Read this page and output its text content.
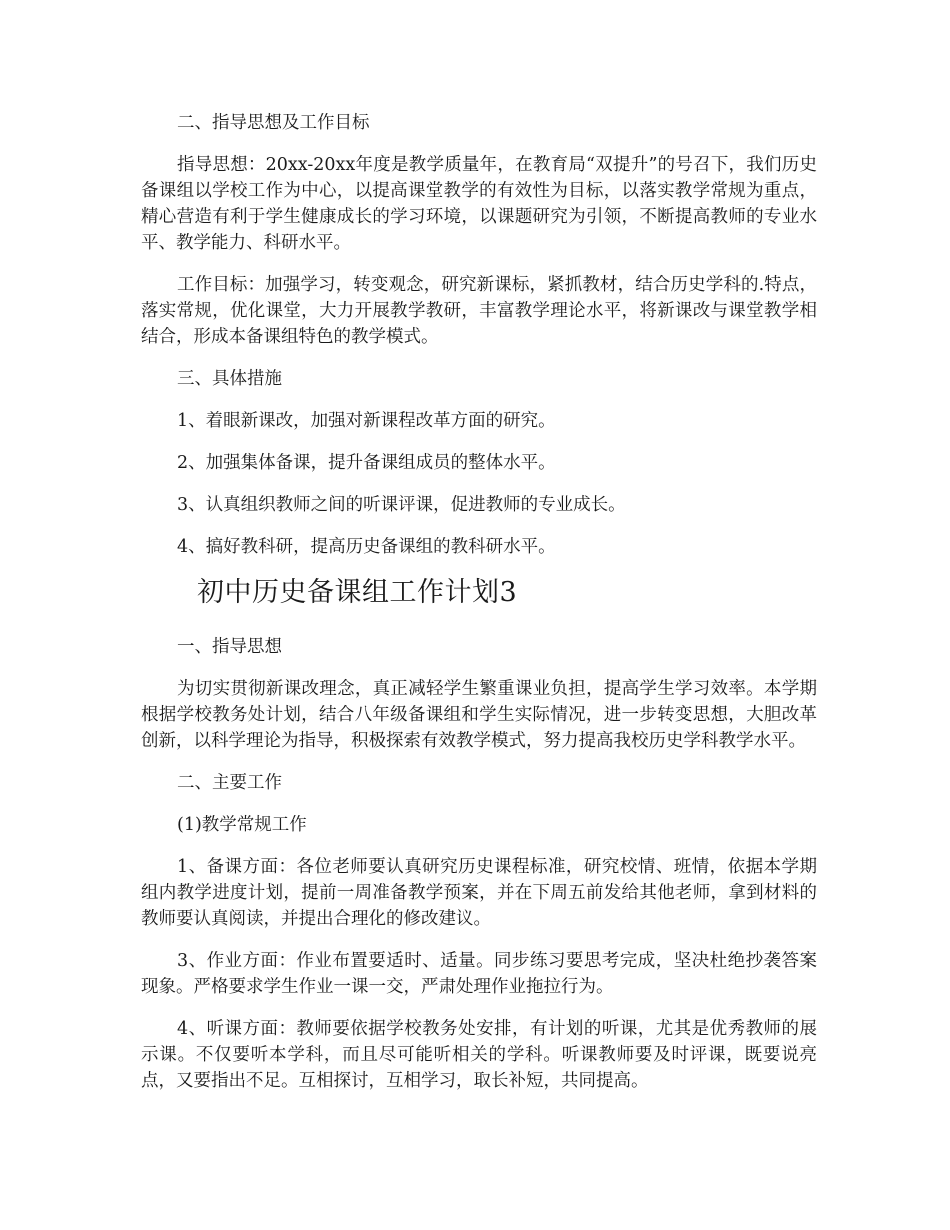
二、指导思想及工作目标

指导思想：20xx-20xx年度是教学质量年，在教育局“双提升”的号召下，我们历史备课组以学校工作为中心，以提高课堂教学的有效性为目标，以落实教学常规为重点，精心营造有利于学生健康成长的学习环境，以课题研究为引领，不断提高教师的专业水平、教学能力、科研水平。

工作目标：加强学习，转变观念，研究新课标，紧抓教材，结合历史学科的.特点，落实常规，优化课堂，大力开展教学教研，丰富教学理论水平，将新课改与课堂教学相结合，形成本备课组特色的教学模式。

三、具体措施

1、着眼新课改，加强对新课程改革方面的研究。

2、加强集体备课，提升备课组成员的整体水平。

3、认真组织教师之间的听课评课，促进教师的专业成长。

4、搞好教科研，提高历史备课组的教科研水平。

初中历史备课组工作计划3

一、指导思想

为切实贯彻新课改理念，真正减轻学生繁重课业负担，提高学生学习效率。本学期根据学校教务处计划，结合八年级备课组和学生实际情况，进一步转变思想，大胆改革创新，以科学理论为指导，积极探索有效教学模式，努力提高我校历史学科教学水平。

二、主要工作

(1)教学常规工作

1、备课方面：各位老师要认真研究历史课程标准，研究校情、班情，依据本学期组内教学进度计划，提前一周准备教学预案，并在下周五前发给其他老师，拿到材料的教师要认真阅读，并提出合理化的修改建议。

3、作业方面：作业布置要适时、适量。同步练习要思考完成，坚决杜绝抄袭答案现象。严格要求学生作业一课一交，严肃处理作业拖拉行为。

4、听课方面：教师要依据学校教务处安排，有计划的听课，尤其是优秀教师的展示课。不仅要听本学科，而且尽可能听相关的学科。听课教师要及时评课，既要说亮点，又要指出不足。互相探讨，互相学习，取长补短，共同提高。
